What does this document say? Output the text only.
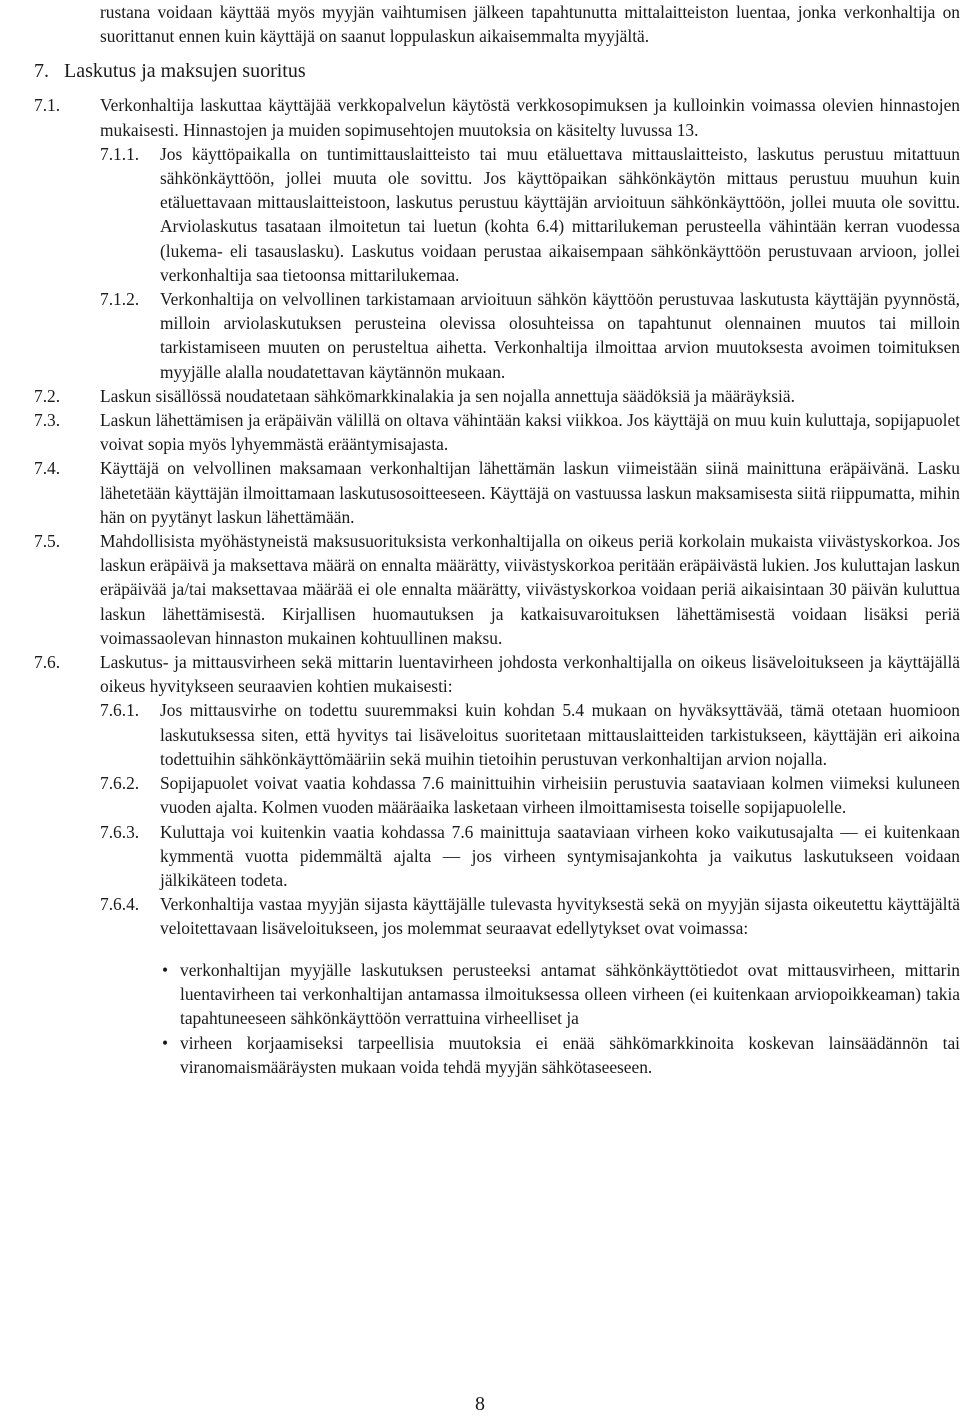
rustana voidaan käyttää myös myyjän vaihtumisen jälkeen tapahtunutta mittalaitteiston luentaa, jonka verkonhaltija on suorittanut ennen kuin käyttäjä on saanut loppulaskun aikaisemmalta myyjältä.
7. Laskutus ja maksujen suoritus
7.1.	Verkonhaltija laskuttaa käyttäjää verkkopalvelun käytöstä verkkosopimuksen ja kulloinkin voimassa olevien hinnastojen mukaisesti. Hinnastojen ja muiden sopimusehtojen muutoksia on käsitelty luvussa 13.
7.1.1.	Jos käyttöpaikalla on tuntimittauslaitteisto tai muu etäluettava mittauslaitteisto, laskutus perustuu mitattuun sähkönkäyttöön, jollei muuta ole sovittu. Jos käyttöpaikan sähkönkäytön mittaus perustuu muuhun kuin etäluettavaan mittauslaitteistoon, laskutus perustuu käyttäjän arvioituun sähkönkäyttöön, jollei muuta ole sovittu. Arviolaskutus tasataan ilmoitetun tai luetun (kohta 6.4) mittarilukeman perusteella vähintään kerran vuodessa (lukema- eli tasauslasku). Laskutus voidaan perustaa aikaisempaan sähkönkäyttöön perustuvaan arvioon, jollei verkonhaltija saa tietoonsa mittarilukemaa.
7.1.2.	Verkonhaltija on velvollinen tarkistamaan arvioituun sähkön käyttöön perustuvaa laskutusta käyttäjän pyynnöstä, milloin arviolaskutuksen perusteina olevissa olosuhteissa on tapahtunut olennainen muutos tai milloin tarkistamiseen muuten on perusteltua aihetta. Verkonhaltija ilmoittaa arvion muutoksesta avoimen toimituksen myyjälle alalla noudatettavan käytännön mukaan.
7.2.	Laskun sisällössä noudatetaan sähkömarkkinalakia ja sen nojalla annettuja säädöksiä ja määräyksiä.
7.3.	Laskun lähettämisen ja eräpäivän välillä on oltava vähintään kaksi viikkoa. Jos käyttäjä on muu kuin kuluttaja, sopijapuolet voivat sopia myös lyhyemmästä erääntymisajasta.
7.4.	Käyttäjä on velvollinen maksamaan verkonhaltijan lähettämän laskun viimeistään siinä mainittuna eräpäivänä. Lasku lähetetään käyttäjän ilmoittamaan laskutusosoitteeseen. Käyttäjä on vastuussa laskun maksamisesta siitä riippumatta, mihin hän on pyytänyt laskun lähettämään.
7.5.	Mahdollisista myöhästyneistä maksusuorituksista verkonhaltijalla on oikeus periä korkolain mukaista viivästyskorkoa. Jos laskun eräpäivä ja maksettava määrä on ennalta määrätty, viivästyskorkoa peritään eräpäivästä lukien. Jos kuluttajan laskun eräpäivää ja/tai maksettavaa määrää ei ole ennalta määrätty, viivästyskorkoa voidaan periä aikaisintaan 30 päivän kuluttua laskun lähettämisestä. Kirjallisen huomautuksen ja katkaisuvaroituksen lähettämisestä voidaan lisäksi periä voimassaolevan hinnaston mukainen kohtuullinen maksu.
7.6.	Laskutus- ja mittausvirheen sekä mittarin luentavirheen johdosta verkonhaltijalla on oikeus lisäveloitukseen ja käyttäjällä oikeus hyvitykseen seuraavien kohtien mukaisesti:
7.6.1.	Jos mittausvirhe on todettu suuremmaksi kuin kohdan 5.4 mukaan on hyväksyttävää, tämä otetaan huomioon laskutuksessa siten, että hyvitys tai lisäveloitus suoritetaan mittauslaitteiden tarkistukseen, käyttäjän eri aikoina todettuihin sähkönkäyttömääriin sekä muihin tietoihin perustuvan verkonhaltijan arvion nojalla.
7.6.2.	Sopijapuolet voivat vaatia kohdassa 7.6 mainittuihin virheisiin perustuvia saataviaan kolmen viimeksi kuluneen vuoden ajalta. Kolmen vuoden määräaika lasketaan virheen ilmoittamisesta toiselle sopijapuolelle.
7.6.3.	Kuluttaja voi kuitenkin vaatia kohdassa 7.6 mainittuja saataviaan virheen koko vaikutusajalta — ei kuitenkaan kymmentä vuotta pidemmältä ajalta — jos virheen syntymisajankohta ja vaikutus laskutukseen voidaan jälkikäteen todeta.
7.6.4.	Verkonhaltija vastaa myyjän sijasta käyttäjälle tulevasta hyvityksestä sekä on myyjän sijasta oikeutettu käyttäjältä veloitettavaan lisäveloitukseen, jos molemmat seuraavat edellytykset ovat voimassa:
• verkonhaltijan myyjälle laskutuksen perusteeksi antamat sähkönkäyttötiedot ovat mittausvirheen, mittarin luentavirheen tai verkonhaltijan antamassa ilmoituksessa olleen virheen (ei kuitenkaan arviopoikkeaman) takia tapahtuneeseen sähkönkäyttöön verrattuina virheelliset ja
• virheen korjaamiseksi tarpeellisia muutoksia ei enää sähkömarkkinoita koskevan lainsäädännön tai viranomaismääräysten mukaan voida tehdä myyjän sähkötaseeseen.
8
